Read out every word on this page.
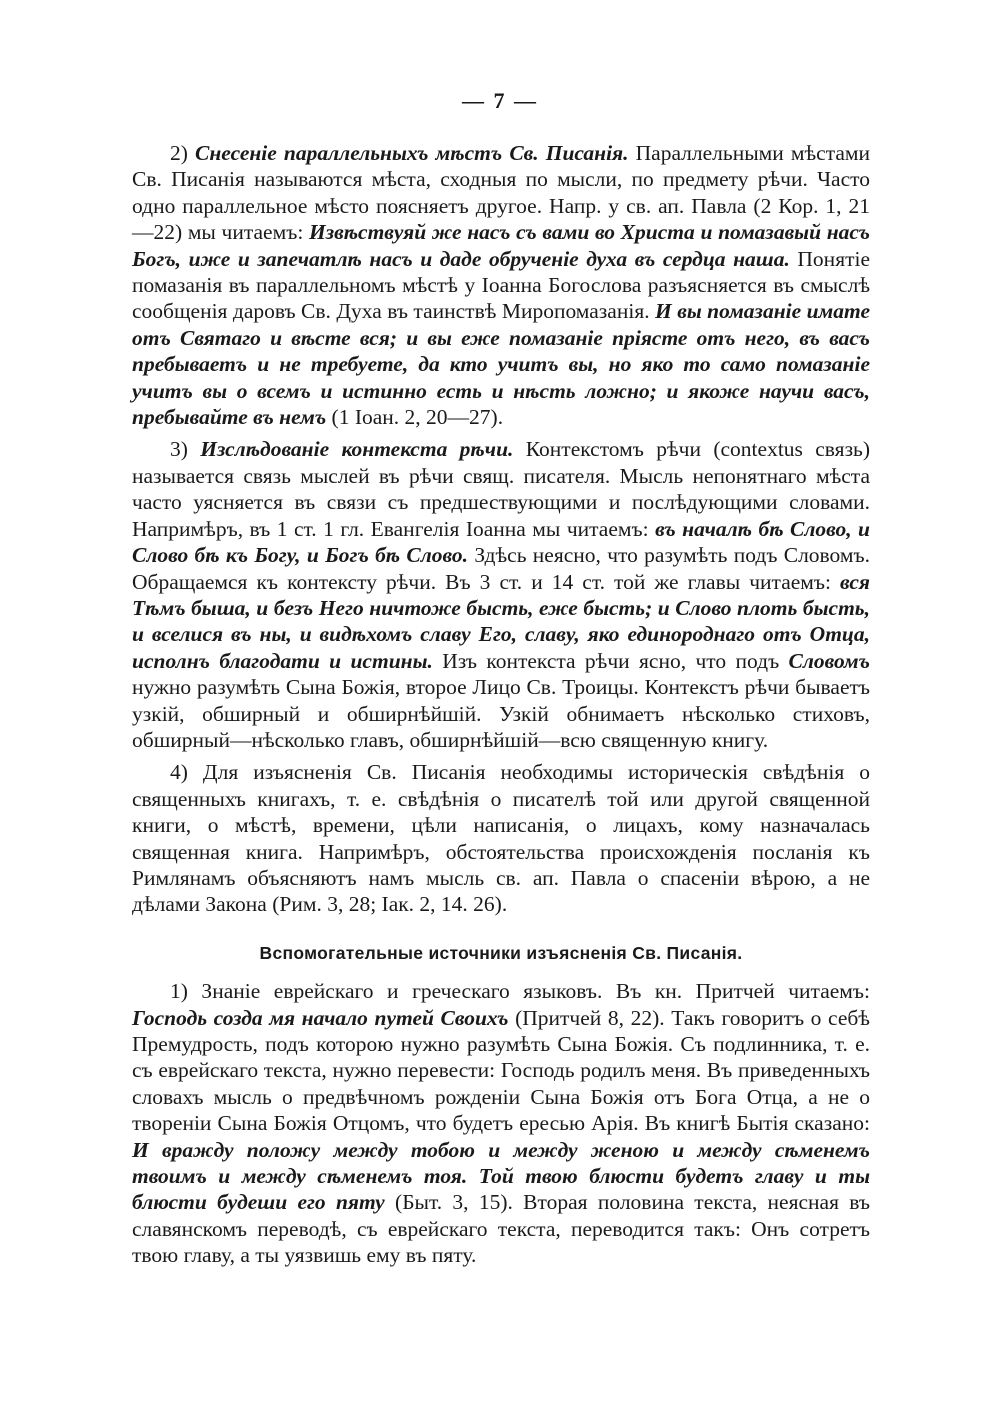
— 7 —

2) Снесеніе параллельныхъ мѣстъ Св. Писанія. Параллельными мѣстами Св. Писанія называются мѣста, сходныя по мысли, по предмету рѣчи. Часто одно параллельное мѣсто поясняетъ другое. Напр. у св. ап. Павла (2 Кор. 1, 21—22) мы читаемъ: Извѣствуяй же насъ съ вами во Христа и помазавый насъ Богъ, иже и запечатлѣ насъ и даде обрученіе духа въ сердца наша. Понятіе помазанія въ параллельномъ мѣстѣ у Іоанна Богослова разъясняется въ смыслѣ сообщенія даровъ Св. Духа въ таинствѣ Миропомазанія. И вы помазаніе имате отъ Святаго и вѣсте вся; и вы еже помазаніе пріясте отъ него, въ васъ пребываетъ и не требуете, да кто учитъ вы, но яко то само помазаніе учитъ вы о всемъ и истинно есть и нѣсть ложно; и якоже научи васъ, пребывайте въ немъ (1 Іоан. 2, 20—27).

3) Изслѣдованіе контекста рѣчи. Контекстомъ рѣчи (contextus связь) называется связь мыслей въ рѣчи свящ. писателя. Мысль непонятнаго мѣста часто уясняется въ связи съ предшествующими и послѣдующими словами. Напримѣръ, въ 1 ст. 1 гл. Евангелія Іоанна мы читаемъ: въ началѣ бѣ Слово, и Слово бѣ къ Богу, и Богъ бѣ Слово. Здѣсь неясно, что разумѣть подъ Словомъ. Обращаемся къ контексту рѣчи. Въ 3 ст. и 14 ст. той же главы читаемъ: вся Тѣмъ быша, и безъ Него ничтоже бысть, еже бысть; и Слово плоть бысть, и вселися въ ны, и видѣхомъ славу Его, славу, яко единороднаго отъ Отца, исполнъ благодати и истины. Изъ контекста рѣчи ясно, что подъ Словомъ нужно разумѣть Сына Божія, второе Лицо Св. Троицы. Контекстъ рѣчи бываетъ узкій, обширный и обширнѣйшій. Узкій обнимаетъ нѣсколько стиховъ, обширный—нѣсколько главъ, обширнѣйшій—всю священную книгу.

4) Для изъясненія Св. Писанія необходимы историческія свѣдѣнія о священныхъ книгахъ, т. е. свѣдѣнія о писателѣ той или другой священной книги, о мѣстѣ, времени, цѣли написанія, о лицахъ, кому назначалась священная книга. Напримѣръ, обстоятельства происхожденія посланія къ Римлянамъ объясняютъ намъ мысль св. ап. Павла о спасеніи вѣрою, а не дѣлами Закона (Рим. 3, 28; Іак. 2, 14. 26).

Вспомогательные источники изъясненія Св. Писанія.

1) Знаніе еврейскаго и греческаго языковъ. Въ кн. Притчей читаемъ: Господь созда мя начало путей Своихъ (Притчей 8, 22). Такъ говоритъ о себѣ Премудрость, подъ которою нужно разумѣть Сына Божія. Съ подлинника, т. е. съ еврейскаго текста, нужно перевести: Господь родилъ меня. Въ приведенныхъ словахъ мысль о предвѣчномъ рожденіи Сына Божія отъ Бога Отца, а не о твореніи Сына Божія Отцомъ, что будетъ ересью Арія. Въ книгѣ Бытія сказано: И вражду положу между тобою и между женою и между сѣменемъ твоимъ и между сѣменемъ тоя. Той твою блюсти будетъ главу и ты блюсти будеши его пяту (Быт. 3, 15). Вторая половина текста, неясная въ славянскомъ переводѣ, съ еврейскаго текста, переводится такъ: Онъ сотретъ твою главу, а ты уязвишь ему въ пяту.
